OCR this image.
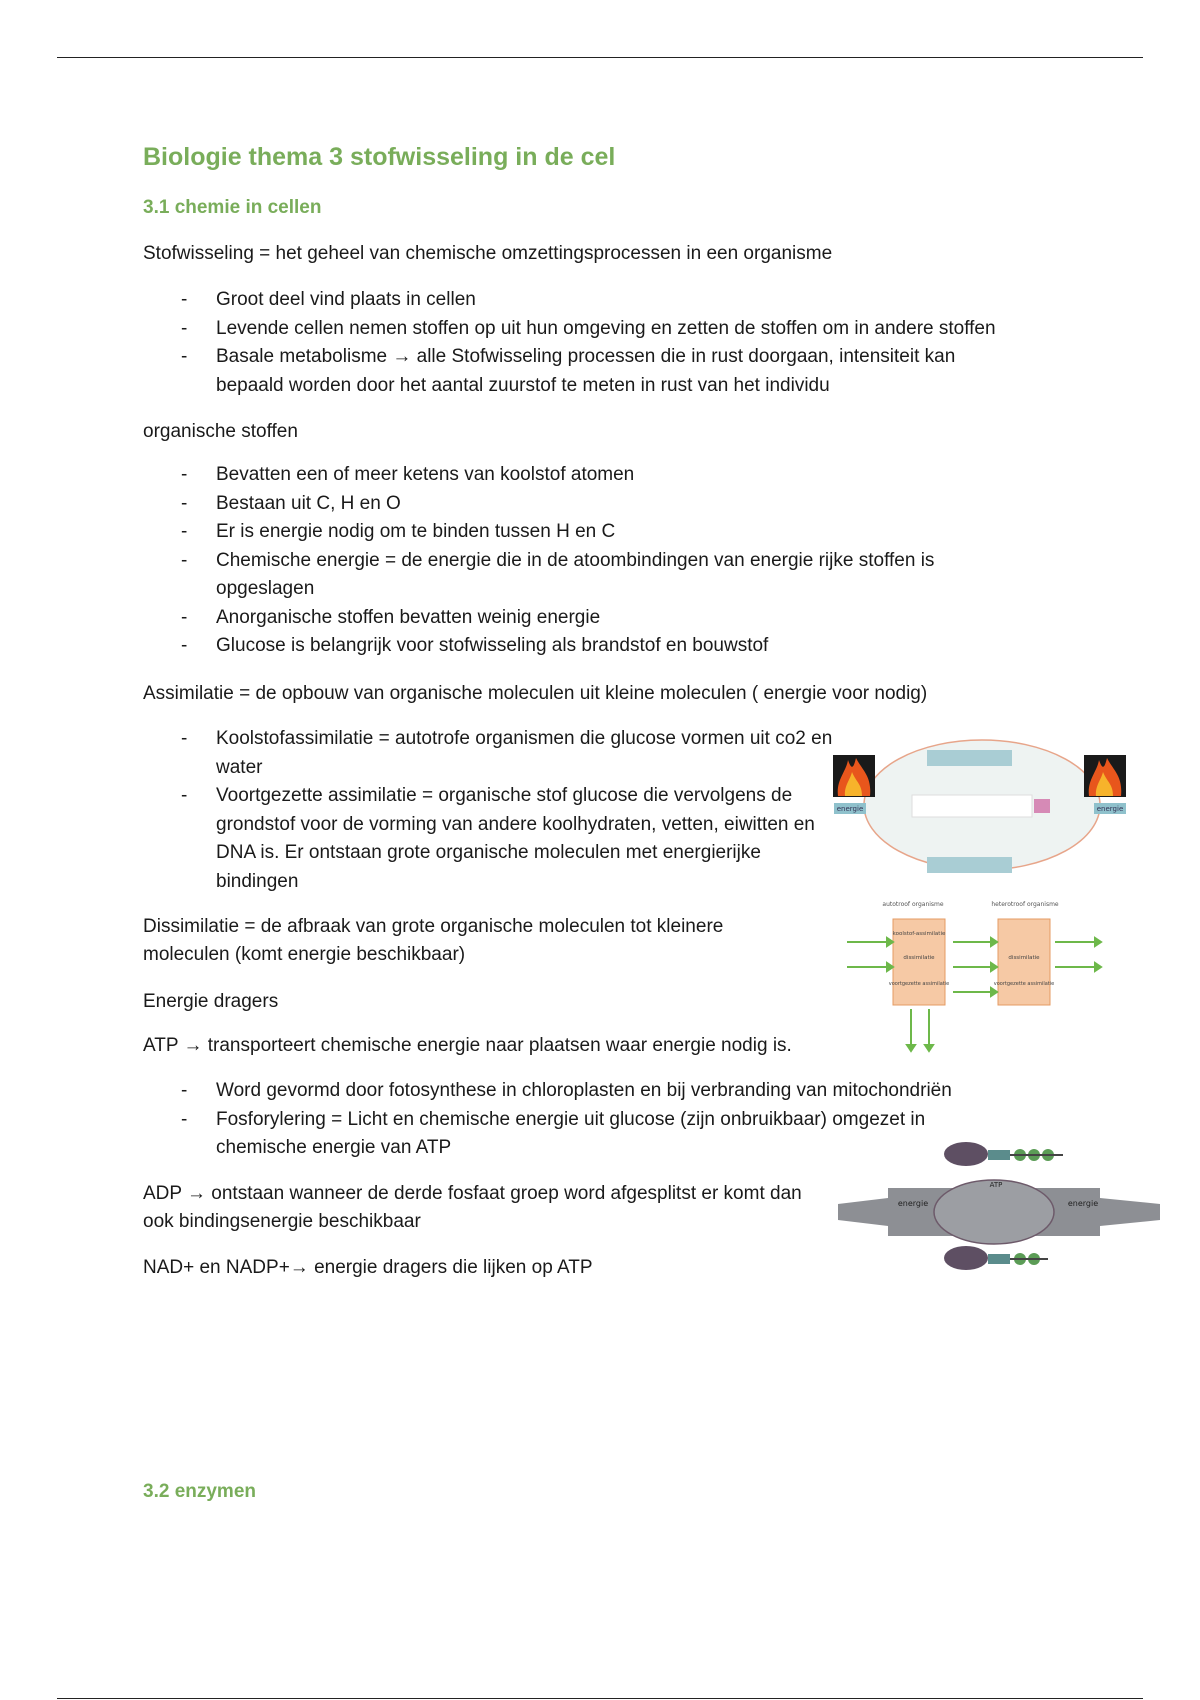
Biologie thema 3 stofwisseling in de cel
3.1 chemie in cellen

Stofwisseling = het geheel van chemische omzettingsprocessen in een organisme

- Groot deel vind plaats in cellen
- Levende cellen nemen stoffen op uit hun omgeving en zetten de stoffen om in andere stoffen
- Basale metabolisme → alle Stofwisseling processen die in rust doorgaan, intensiteit kan bepaald worden door het aantal zuurstof te meten in rust van het individu

organische stoffen

- Bevatten een of meer ketens van koolstof atomen
- Bestaan uit C, H en O
- Er is energie nodig om te binden tussen H en C
- Chemische energie = de energie die in de atoombindingen van energie rijke stoffen is opgeslagen
- Anorganische stoffen bevatten weinig energie
- Glucose is belangrijk voor stofwisseling als brandstof en bouwstof

Assimilatie = de opbouw van organische moleculen uit kleine moleculen ( energie voor nodig)

- Koolstofassimilatie = autotrofe organismen die glucose vormen uit co2 en water
- Voortgezette assimilatie = organische stof glucose die vervolgens de grondstof voor de vorming van andere koolhydraten, vetten, eiwitten en DNA is. Er ontstaan grote organische moleculen met energierijke bindingen

Dissimilatie = de afbraak van grote organische moleculen tot kleinere moleculen (komt energie beschikbaar)

Energie dragers

ATP → transporteert chemische energie naar plaatsen waar energie nodig is.

- Word gevormd door fotosynthese in chloroplasten en bij verbranding van mitochondriën
- Fosforylering = Licht en chemische energie uit glucose (zijn onbruikbaar) omgezet in chemische energie van ATP

ADP → ontstaan wanneer de derde fosfaat groep word afgesplitst er komt dan ook bindingsenergie beschikbaar

NAD+ en NADP+→ energie dragers die lijken op ATP

3.2 enzymen
energie	energie
autotroof organisme	heterotroof organisme
koolstof-assimilatie
dissimilatie
voortgezette assimilatie
dissimilatie
voortgezette assimilatie
ATP
energie	energie
